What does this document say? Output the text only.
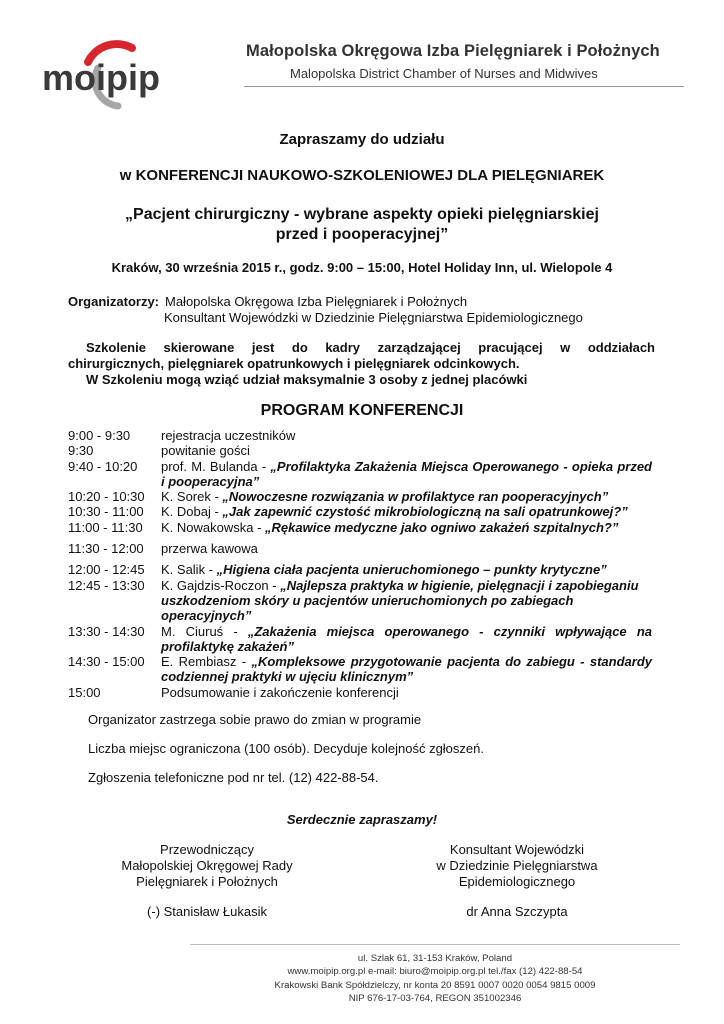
moipip
Małopolska Okręgowa Izba Pielęgniarek i Położnych
Malopolska District Chamber of Nurses and Midwives
Zapraszamy do udziału
w KONFERENCJI NAUKOWO-SZKOLENIOWEJ DLA PIELĘGNIAREK
„Pacjent chirurgiczny - wybrane aspekty opieki pielęgniarskiej
przed i pooperacyjnej”
Kraków, 30 września 2015 r., godz. 9:00 – 15:00, Hotel Holiday Inn, ul. Wielopole 4
Organizatorzy: Małopolska Okręgowa Izba Pielęgniarek i Położnych
Konsultant Wojewódzki w Dziedzinie Pielęgniarstwa Epidemiologicznego
Szkolenie skierowane jest do kadry zarządzającej pracującej w oddziałach
chirurgicznych, pielęgniarek opatrunkowych i pielęgniarek odcinkowych.
W Szkoleniu mogą wziąć udział maksymalnie 3 osoby z jednej placówki
PROGRAM KONFERENCJI
9:00 - 9:30	rejestracja uczestników
9:30	powitanie gości
9:40 - 10:20	prof. M. Bulanda - „Profilaktyka Zakażenia Miejsca Operowanego - opieka przed i pooperacyjna”
10:20 - 10:30	K. Sorek - „Nowoczesne rozwiązania w profilaktyce ran pooperacyjnych”
10:30 - 11:00	K. Dobaj - „Jak zapewnić czystość mikrobiologiczną na sali opatrunkowej?”
11:00 - 11:30	K. Nowakowska - „Rękawice medyczne jako ogniwo zakażeń szpitalnych?”
11:30 - 12:00	przerwa kawowa
12:00 - 12:45	K. Salik - „Higiena ciała pacjenta unieruchomionego – punkty krytyczne”
12:45 - 13:30	K. Gajdzis-Roczon - „Najlepsza praktyka w higienie, pielęgnacji i zapobieganiu uszkodzeniom skóry u pacjentów unieruchomionych po zabiegach operacyjnych”
13:30 - 14:30	M. Ciuruś - „Zakażenia miejsca operowanego - czynniki wpływające na profilaktykę zakażeń”
14:30 - 15:00	E. Rembiasz - „Kompleksowe przygotowanie pacjenta do zabiegu - standardy codziennej praktyki w ujęciu klinicznym”
15:00	Podsumowanie i zakończenie konferencji
Organizator zastrzega sobie prawo do zmian w programie
Liczba miejsc ograniczona (100 osób). Decyduje kolejność zgłoszeń.
Zgłoszenia telefoniczne pod nr tel. (12) 422-88-54.
Serdecznie zapraszamy!
Przewodniczący
Małopolskiej Okręgowej Rady
Pielęgniarek i Położnych
(-) Stanisław Łukasik
Konsultant Wojewódzki
w Dziedzinie Pielęgniarstwa
Epidemiologicznego
dr Anna Szczypta
ul. Szlak 61, 31-153 Kraków, Poland
www.moipip.org.pl e-mail: biuro@moipip.org.pl tel./fax (12) 422-88-54
Krakowski Bank Spółdzielczy, nr konta 20 8591 0007 0020 0054 9815 0009
NIP 676-17-03-764, REGON 351002346
